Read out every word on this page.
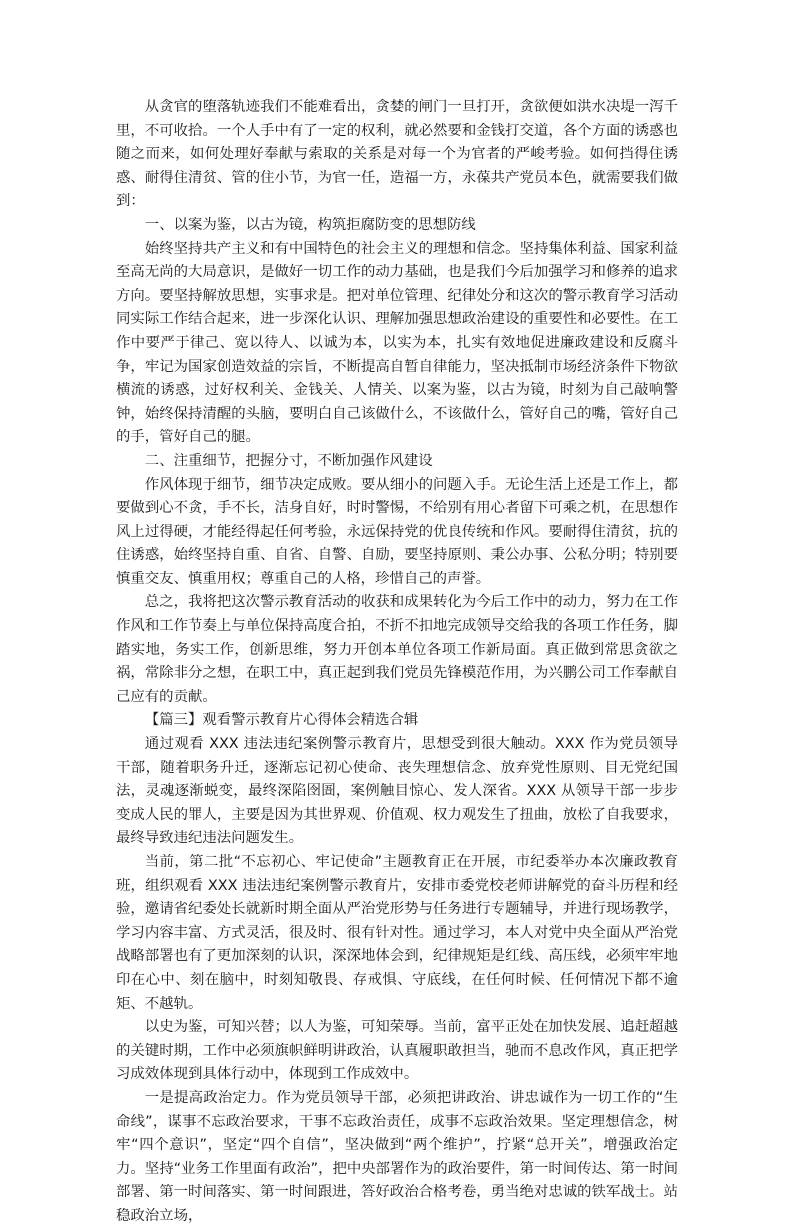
从贪官的堕落轨迹我们不能难看出，贪婪的闸门一旦打开，贪欲便如洪水决堤一泻千里，不可收拾。一个人手中有了一定的权利，就必然要和金钱打交道，各个方面的诱惑也随之而来，如何处理好奉献与索取的关系是对每一个为官者的严峻考验。如何挡得住诱惑、耐得住清贫、管的住小节，为官一任，造福一方，永葆共产党员本色，就需要我们做到：

一、以案为鉴，以古为镜，构筑拒腐防变的思想防线

始终坚持共产主义和有中国特色的社会主义的理想和信念。坚持集体利益、国家利益至高无尚的大局意识，是做好一切工作的动力基础，也是我们今后加强学习和修养的追求方向。要坚持解放思想，实事求是。把对单位管理、纪律处分和这次的警示教育学习活动同实际工作结合起来，进一步深化认识、理解加强思想政治建设的重要性和必要性。在工作中要严于律己、宽以待人、以诚为本，以实为本，扎实有效地促进廉政建设和反腐斗争，牢记为国家创造效益的宗旨，不断提高自暂自律能力，坚决抵制市场经济条件下物欲横流的诱惑，过好权利关、金钱关、人情关、以案为鉴，以古为镜，时刻为自己敲响警钟，始终保持清醒的头脑，要明白自己该做什么，不该做什么，管好自己的嘴，管好自己的手，管好自己的腿。

二、注重细节，把握分寸，不断加强作风建设

作风体现于细节，细节决定成败。要从细小的问题入手。无论生活上还是工作上，都要做到心不贪，手不长，洁身自好，时时警惕，不给别有用心者留下可乘之机，在思想作风上过得硬，才能经得起任何考验，永远保持党的优良传统和作风。要耐得住清贫，抗的住诱惑，始终坚持自重、自省、自警、自励，要坚持原则、秉公办事、公私分明；特别要慎重交友、慎重用权；尊重自己的人格，珍惜自己的声誉。

总之，我将把这次警示教育活动的收获和成果转化为今后工作中的动力，努力在工作作风和工作节奏上与单位保持高度合拍，不折不扣地完成领导交给我的各项工作任务，脚踏实地，务实工作，创新思维，努力开创本单位各项工作新局面。真正做到常思贪欲之祸，常除非分之想，在职工中，真正起到我们党员先锋模范作用，为兴鹏公司工作奉献自己应有的贡献。

【篇三】观看警示教育片心得体会精选合辑

通过观看 XXX 违法违纪案例警示教育片，思想受到很大触动。XXX 作为党员领导干部，随着职务升迁，逐渐忘记初心使命、丧失理想信念、放弃党性原则、目无党纪国法，灵魂逐渐蜕变，最终深陷囹圄，案例触目惊心、发人深省。XXX 从领导干部一步步变成人民的罪人，主要是因为其世界观、价值观、权力观发生了扭曲，放松了自我要求，最终导致违纪违法问题发生。

当前，第二批“不忘初心、牢记使命”主题教育正在开展，市纪委举办本次廉政教育班，组织观看 XXX 违法违纪案例警示教育片，安排市委党校老师讲解党的奋斗历程和经验，邀请省纪委处长就新时期全面从严治党形势与任务进行专题辅导，并进行现场教学，学习内容丰富、方式灵活，很及时、很有针对性。通过学习，本人对党中央全面从严治党战略部署也有了更加深刻的认识，深深地体会到，纪律规矩是红线、高压线，必须牢牢地印在心中、刻在脑中，时刻知敬畏、存戒惧、守底线，在任何时候、任何情况下都不逾矩、不越轨。

以史为鉴，可知兴替；以人为鉴，可知荣辱。当前，富平正处在加快发展、追赶超越的关键时期，工作中必须旗帜鲜明讲政治，认真履职敢担当，驰而不息改作风，真正把学习成效体现到具体行动中，体现到工作成效中。

一是提高政治定力。作为党员领导干部，必须把讲政治、讲忠诚作为一切工作的“生命线”，谋事不忘政治要求，干事不忘政治责任，成事不忘政治效果。坚定理想信念，树牢“四个意识”，坚定“四个自信”，坚决做到“两个维护”，拧紧“总开关”，增强政治定力。坚持“业务工作里面有政治”，把中央部署作为的政治要件，第一时间传达、第一时间部署、第一时间落实、第一时间跟进，答好政治合格考卷，勇当绝对忠诚的铁军战士。站稳政治立场，
